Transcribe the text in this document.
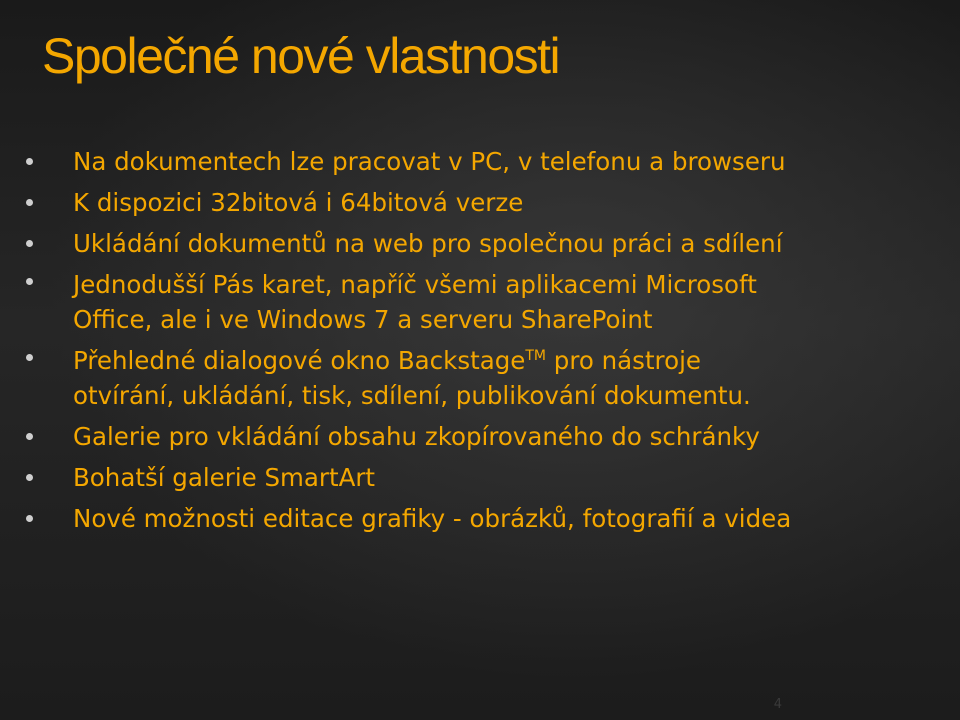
Společné nové vlastnosti
Na dokumentech lze pracovat v PC, v telefonu a browseru
K dispozici 32bitová i 64bitová verze
Ukládání dokumentů na web pro společnou práci a sdílení
Jednodušší Pás karet, napříč všemi aplikacemi Microsoft
Office, ale i ve Windows 7 a serveru SharePoint
Přehledné dialogové okno Backstage™ pro nástroje
otvírání, ukládání, tisk, sdílení, publikování dokumentu.
Galerie pro vkládání obsahu zkopírovaného do schránky
Bohatší galerie SmartArt
Nové možnosti editace grafiky - obrázků, fotografií a videa
4
